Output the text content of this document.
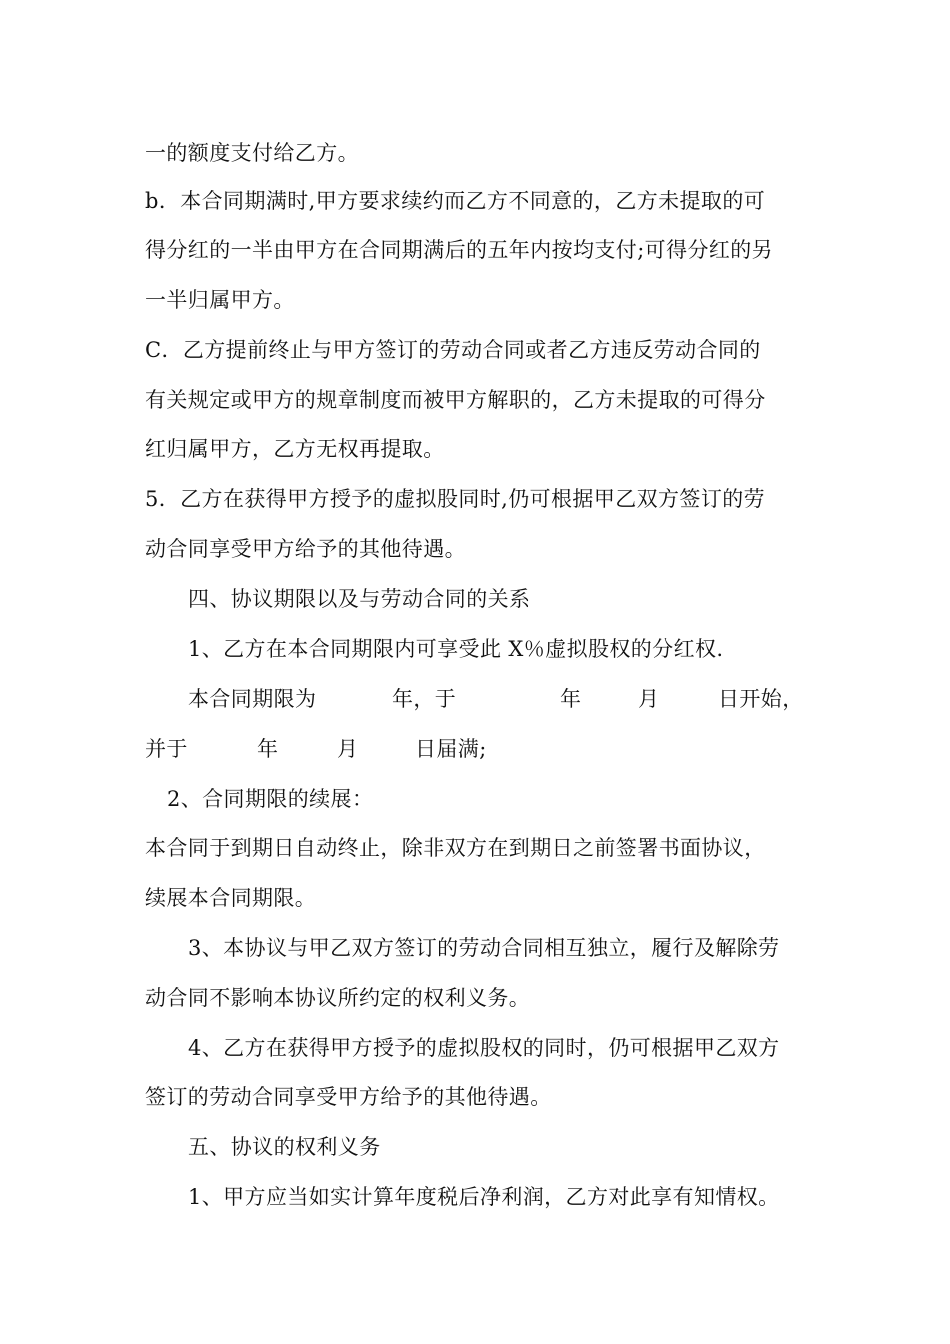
一的额度支付给乙方。
b．本合同期满时,甲方要求续约而乙方不同意的，乙方未提取的可
得分红的一半由甲方在合同期满后的五年内按均支付;可得分红的另
一半归属甲方。
C．乙方提前终止与甲方签订的劳动合同或者乙方违反劳动合同的
有关规定或甲方的规章制度而被甲方解职的，乙方未提取的可得分
红归属甲方，乙方无权再提取。
5．乙方在获得甲方授予的虚拟股同时,仍可根据甲乙双方签订的劳
动合同享受甲方给予的其他待遇。
四、协议期限以及与劳动合同的关系
1、乙方在本合同期限内可享受此 X％虚拟股权的分红权.
本合同期限为	年，于	年	月	日开始，
并于	年	月	日届满;
2、合同期限的续展：
本合同于到期日自动终止，除非双方在到期日之前签署书面协议，
续展本合同期限。
3、本协议与甲乙双方签订的劳动合同相互独立，履行及解除劳
动合同不影响本协议所约定的权利义务。
4、乙方在获得甲方授予的虚拟股权的同时，仍可根据甲乙双方
签订的劳动合同享受甲方给予的其他待遇。
五、协议的权利义务
1、甲方应当如实计算年度税后净利润，乙方对此享有知情权。
